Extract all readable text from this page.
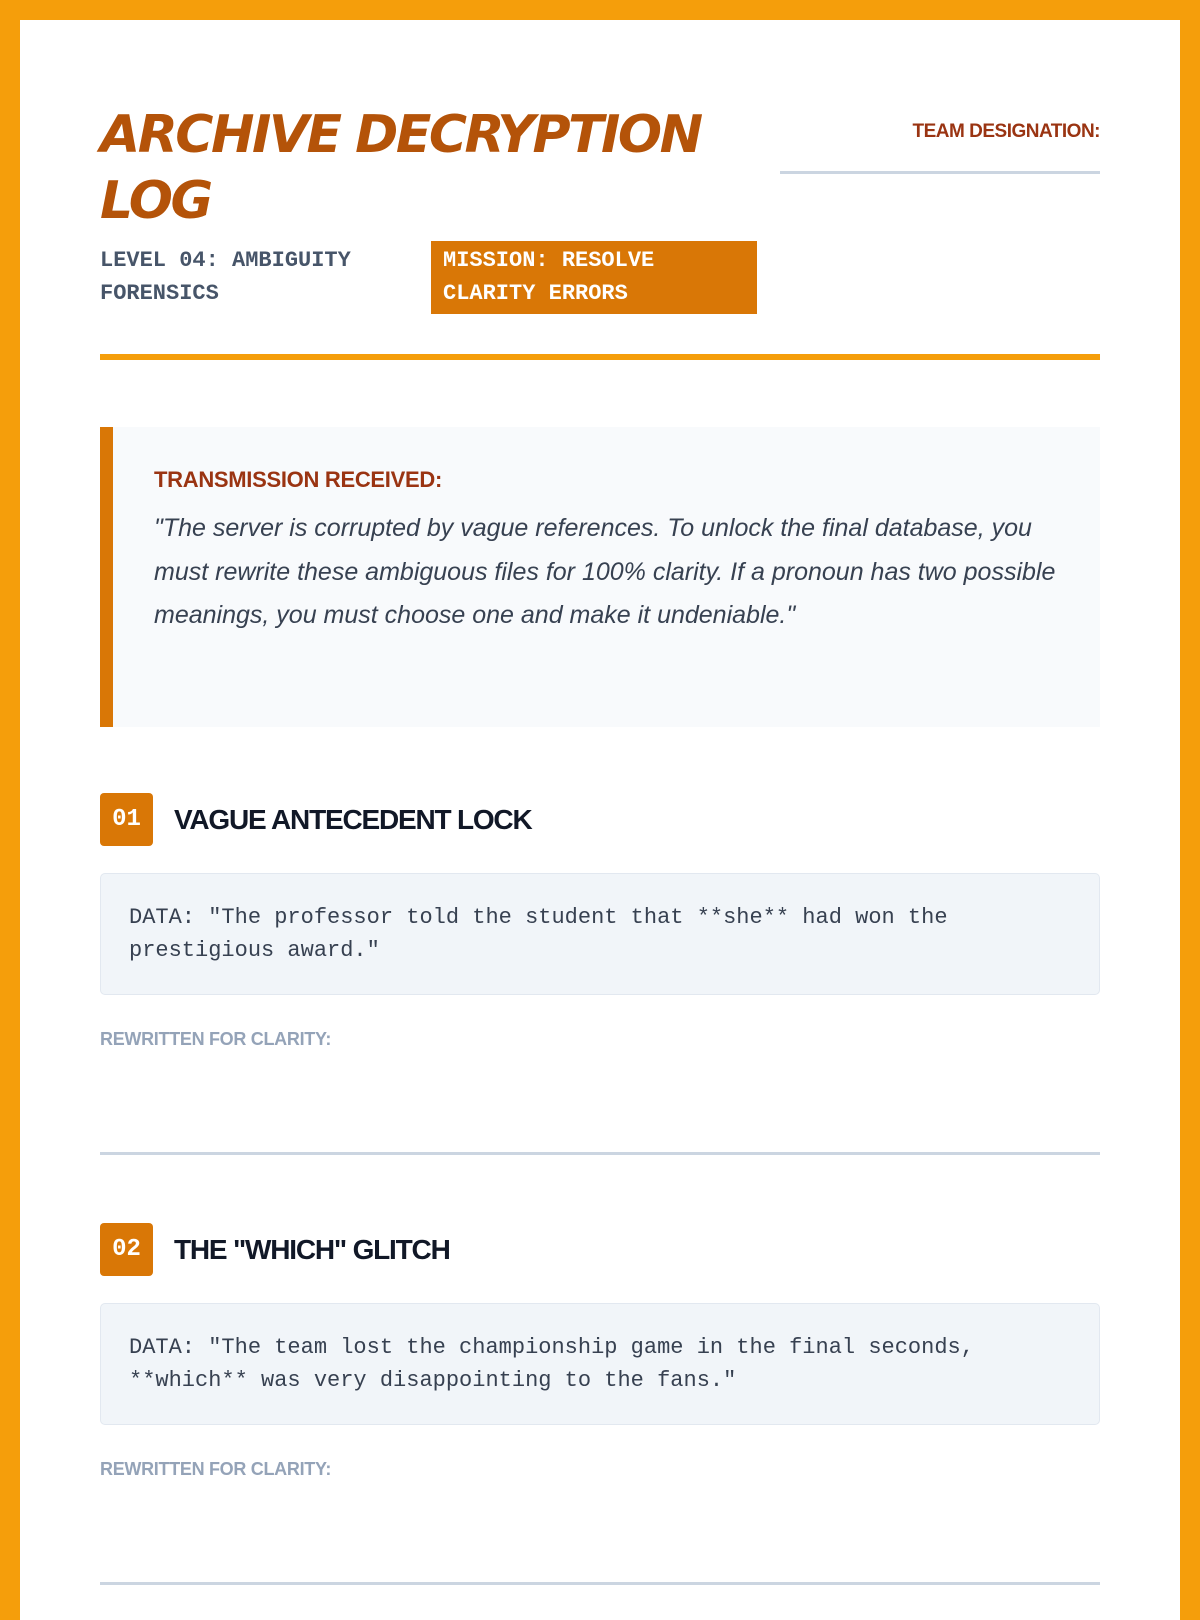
ARCHIVE DECRYPTION LOG
LEVEL 04: AMBIGUITY FORENSICS
MISSION: RESOLVE CLARITY ERRORS
TEAM DESIGNATION:
TRANSMISSION RECEIVED:

"The server is corrupted by vague references. To unlock the final database, you must rewrite these ambiguous files for 100% clarity. If a pronoun has two possible meanings, you must choose one and make it undeniable."

01	VAGUE ANTECEDENT LOCK
DATA: "The professor told the student that **she** had won the prestigious award."
REWRITTEN FOR CLARITY:
02	THE "WHICH" GLITCH
DATA: "The team lost the championship game in the final seconds, **which** was very disappointing to the fans."
REWRITTEN FOR CLARITY:
